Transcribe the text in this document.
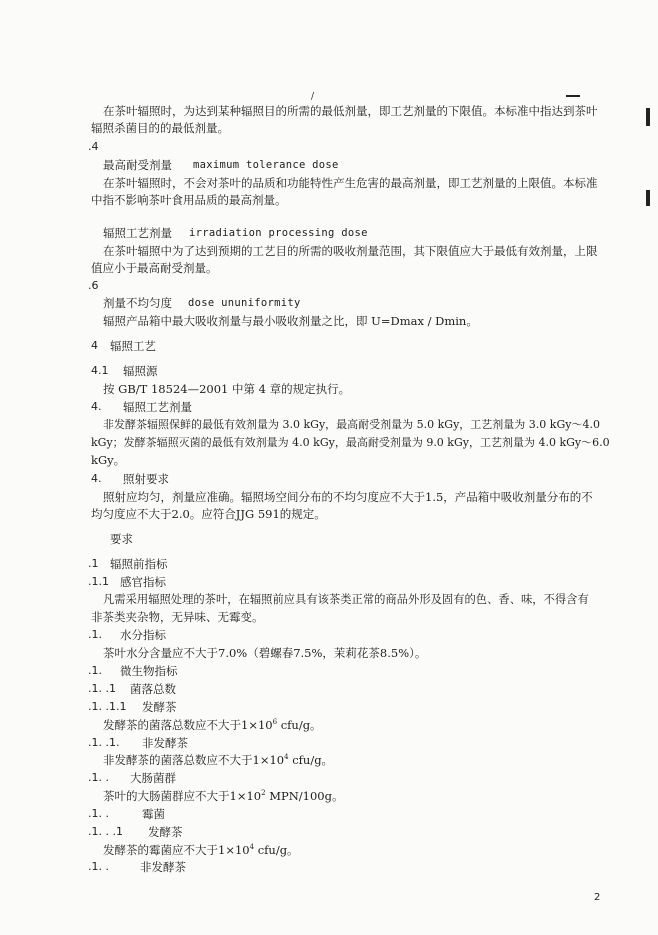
/
在茶叶辐照时，为达到某种辐照目的所需的最低剂量，即工艺剂量的下限值。本标准中指达到茶叶
辐照杀菌目的的最低剂量。
.4
最高耐受剂量 maximum tolerance dose
在茶叶辐照时，不会对茶叶的品质和功能特性产生危害的最高剂量，即工艺剂量的上限值。本标准
中指不影响茶叶食用品质的最高剂量。
辐照工艺剂量 irradiation processing dose
在茶叶辐照中为了达到预期的工艺目的所需的吸收剂量范围，其下限值应大于最低有效剂量，上限
值应小于最高耐受剂量。
.6
剂量不均匀度 dose ununiformity
辐照产品箱中最大吸收剂量与最小吸收剂量之比，即 U=Dmax / Dmin。
4 辐照工艺
4.1 辐照源
按 GB/T 18524—2001 中第 4 章的规定执行。
4. 辐照工艺剂量
非发酵茶辐照保鲜的最低有效剂量为 3.0 kGy，最高耐受剂量为 5.0 kGy，工艺剂量为 3.0 kGy～4.0
kGy；发酵茶辐照灭菌的最低有效剂量为 4.0 kGy，最高耐受剂量为 9.0 kGy，工艺剂量为 4.0 kGy～6.0
kGy。
4. 照射要求
照射应均匀，剂量应准确。辐照场空间分布的不均匀度应不大于1.5，产品箱中吸收剂量分布的不
均匀度应不大于2.0。应符合JJG 591的规定。
要求
.1 辐照前指标
.1.1 感官指标
凡需采用辐照处理的茶叶，在辐照前应具有该茶类正常的商品外形及固有的色、香、味，不得含有
非茶类夹杂物，无异味、无霉变。
.1. 水分指标
茶叶水分含量应不大于7.0%（碧螺春7.5%，茉莉花茶8.5%）。
.1. 微生物指标
.1. .1 菌落总数
.1. .1.1 发酵茶
发酵茶的菌落总数应不大于$1\times 10^6$ cfu/g。
.1. .1. 非发酵茶
非发酵茶的菌落总数应不大于$1\times 10^4$ cfu/g。
.1. . 大肠菌群
茶叶的大肠菌群应不大于$1\times 10^2$ MPN/100g。
.1. .	霉菌
.1. . .1 发酵茶
发酵茶的霉菌应不大于$1\times 10^4$ cfu/g。
.1. .	非发酵茶
2
